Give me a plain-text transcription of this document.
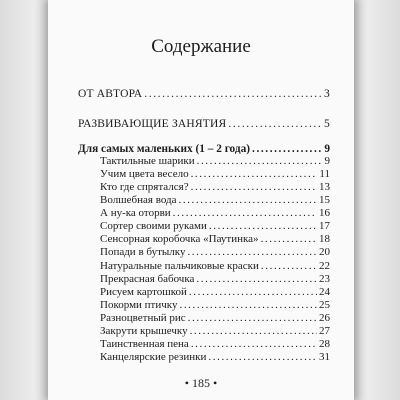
Содержание
ОТ АВТОРА .....	3
РАЗВИВАЮЩИЕ ЗАНЯТИЯ .....	5
Для самых маленьких (1 – 2 года) .....	9
Тактильные шарики .....	9
Учим цвета весело .....	11
Кто где спрятался? .....	13
Волшебная вода .....	15
А ну-ка оторви .....	16
Сортер своими руками .....	17
Сенсорная коробочка «Паутинка» .....	18
Попади в бутылку .....	20
Натуральные пальчиковые краски .....	22
Прекрасная бабочка .....	23
Рисуем картошкой .....	24
Покорми птичку .....	25
Разноцветный рис .....	26
Закрути крышечку .....	27
Таинственная пена .....	28
Канцелярские резинки .....	31
• 185 •
